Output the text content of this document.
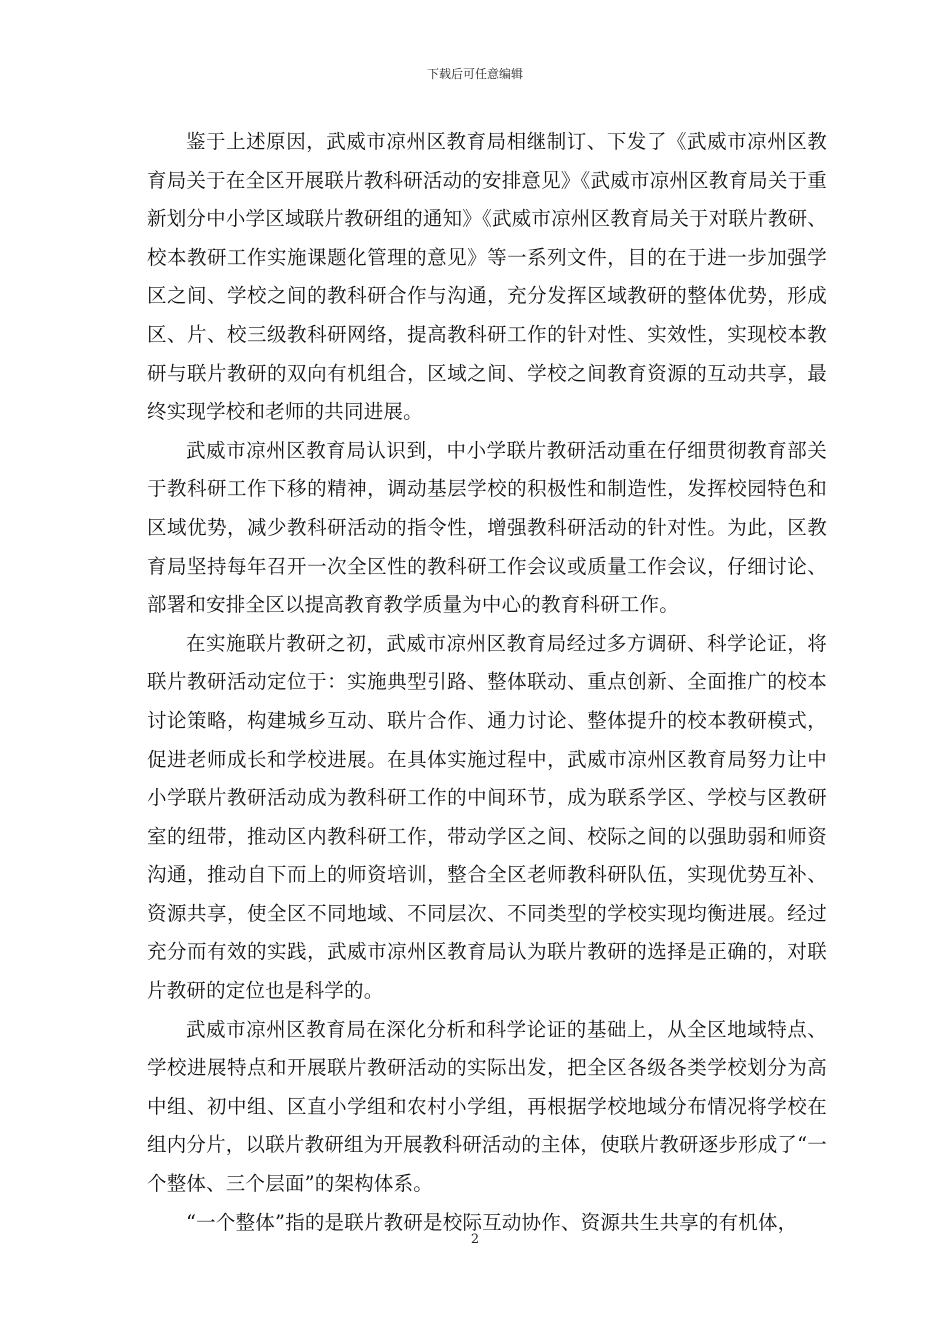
下载后可任意编辑

鉴于上述原因，武威市凉州区教育局相继制订、下发了《武威市凉州区教育局关于在全区开展联片教科研活动的安排意见》《武威市凉州区教育局关于重新划分中小学区域联片教研组的通知》《武威市凉州区教育局关于对联片教研、校本教研工作实施课题化管理的意见》等一系列文件，目的在于进一步加强学区之间、学校之间的教科研合作与沟通，充分发挥区域教研的整体优势，形成区、片、校三级教科研网络，提高教科研工作的针对性、实效性，实现校本教研与联片教研的双向有机组合，区域之间、学校之间教育资源的互动共享，最终实现学校和老师的共同进展。

武威市凉州区教育局认识到，中小学联片教研活动重在仔细贯彻教育部关于教科研工作下移的精神，调动基层学校的积极性和制造性，发挥校园特色和区域优势，减少教科研活动的指令性，增强教科研活动的针对性。为此，区教育局坚持每年召开一次全区性的教科研工作会议或质量工作会议，仔细讨论、部署和安排全区以提高教育教学质量为中心的教育科研工作。

在实施联片教研之初，武威市凉州区教育局经过多方调研、科学论证，将联片教研活动定位于：实施典型引路、整体联动、重点创新、全面推广的校本讨论策略，构建城乡互动、联片合作、通力讨论、整体提升的校本教研模式，促进老师成长和学校进展。在具体实施过程中，武威市凉州区教育局努力让中小学联片教研活动成为教科研工作的中间环节，成为联系学区、学校与区教研室的纽带，推动区内教科研工作，带动学区之间、校际之间的以强助弱和师资沟通，推动自下而上的师资培训，整合全区老师教科研队伍，实现优势互补、资源共享，使全区不同地域、不同层次、不同类型的学校实现均衡进展。经过充分而有效的实践，武威市凉州区教育局认为联片教研的选择是正确的，对联片教研的定位也是科学的。

武威市凉州区教育局在深化分析和科学论证的基础上，从全区地域特点、学校进展特点和开展联片教研活动的实际出发，把全区各级各类学校划分为高中组、初中组、区直小学组和农村小学组，再根据学校地域分布情况将学校在组内分片，以联片教研组为开展教科研活动的主体，使联片教研逐步形成了“一个整体、三个层面”的架构体系。

“一个整体”指的是联片教研是校际互动协作、资源共生共享的有机体，

2
